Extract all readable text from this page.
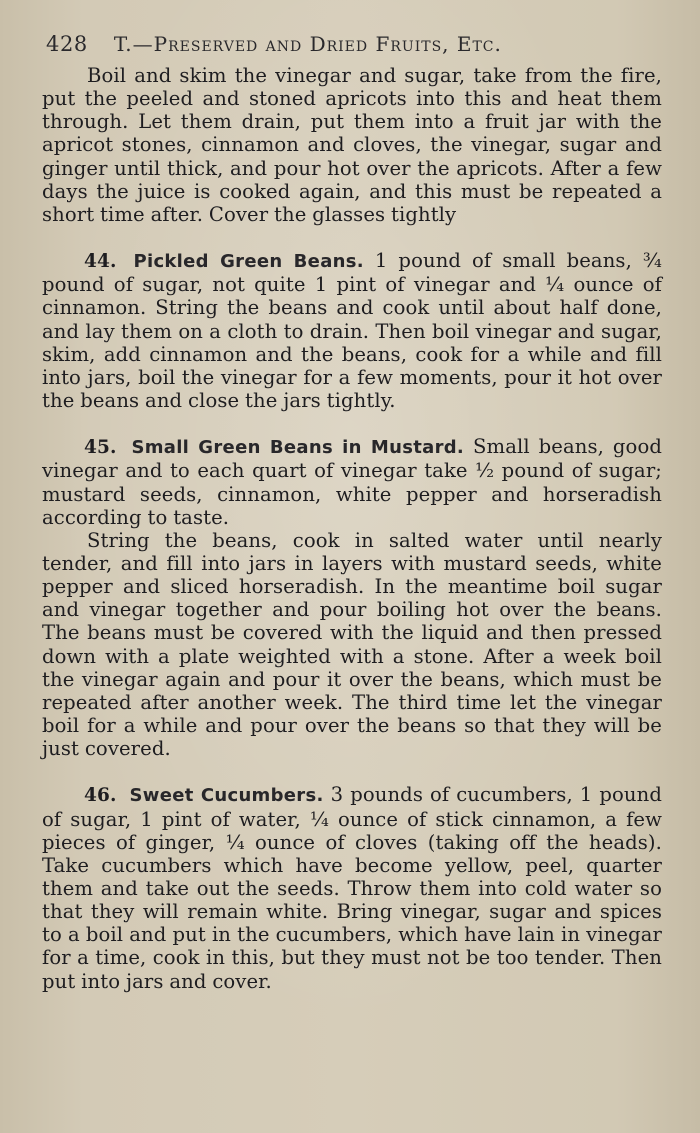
428 T.—Preserved and Dried Fruits, Etc.

Boil and skim the vinegar and sugar, take from the fire, put the peeled and stoned apricots into this and heat them through. Let them drain, put them into a fruit jar with the apricot stones, cinnamon and cloves, the vinegar, sugar and ginger until thick, and pour hot over the apricots. After a few days the juice is cooked again, and this must be repeated a short time after. Cover the glasses tightly

44. Pickled Green Beans. 1 pound of small beans, ¾ pound of sugar, not quite 1 pint of vinegar and ¼ ounce of cinnamon. String the beans and cook until about half done, and lay them on a cloth to drain. Then boil vinegar and sugar, skim, add cinnamon and the beans, cook for a while and fill into jars, boil the vinegar for a few moments, pour it hot over the beans and close the jars tightly.

45. Small Green Beans in Mustard. Small beans, good vinegar and to each quart of vinegar take ½ pound of sugar; mustard seeds, cinnamon, white pepper and horseradish according to taste.

String the beans, cook in salted water until nearly tender, and fill into jars in layers with mustard seeds, white pepper and sliced horseradish. In the meantime boil sugar and vinegar together and pour boiling hot over the beans. The beans must be covered with the liquid and then pressed down with a plate weighted with a stone. After a week boil the vinegar again and pour it over the beans, which must be repeated after another week. The third time let the vinegar boil for a while and pour over the beans so that they will be just covered.

46. Sweet Cucumbers. 3 pounds of cucumbers, 1 pound of sugar, 1 pint of water, ¼ ounce of stick cinnamon, a few pieces of ginger, ¼ ounce of cloves (taking off the heads). Take cucumbers which have become yellow, peel, quarter them and take out the seeds. Throw them into cold water so that they will remain white. Bring vinegar, sugar and spices to a boil and put in the cucumbers, which have lain in vinegar for a time, cook in this, but they must not be too tender. Then put into jars and cover.
